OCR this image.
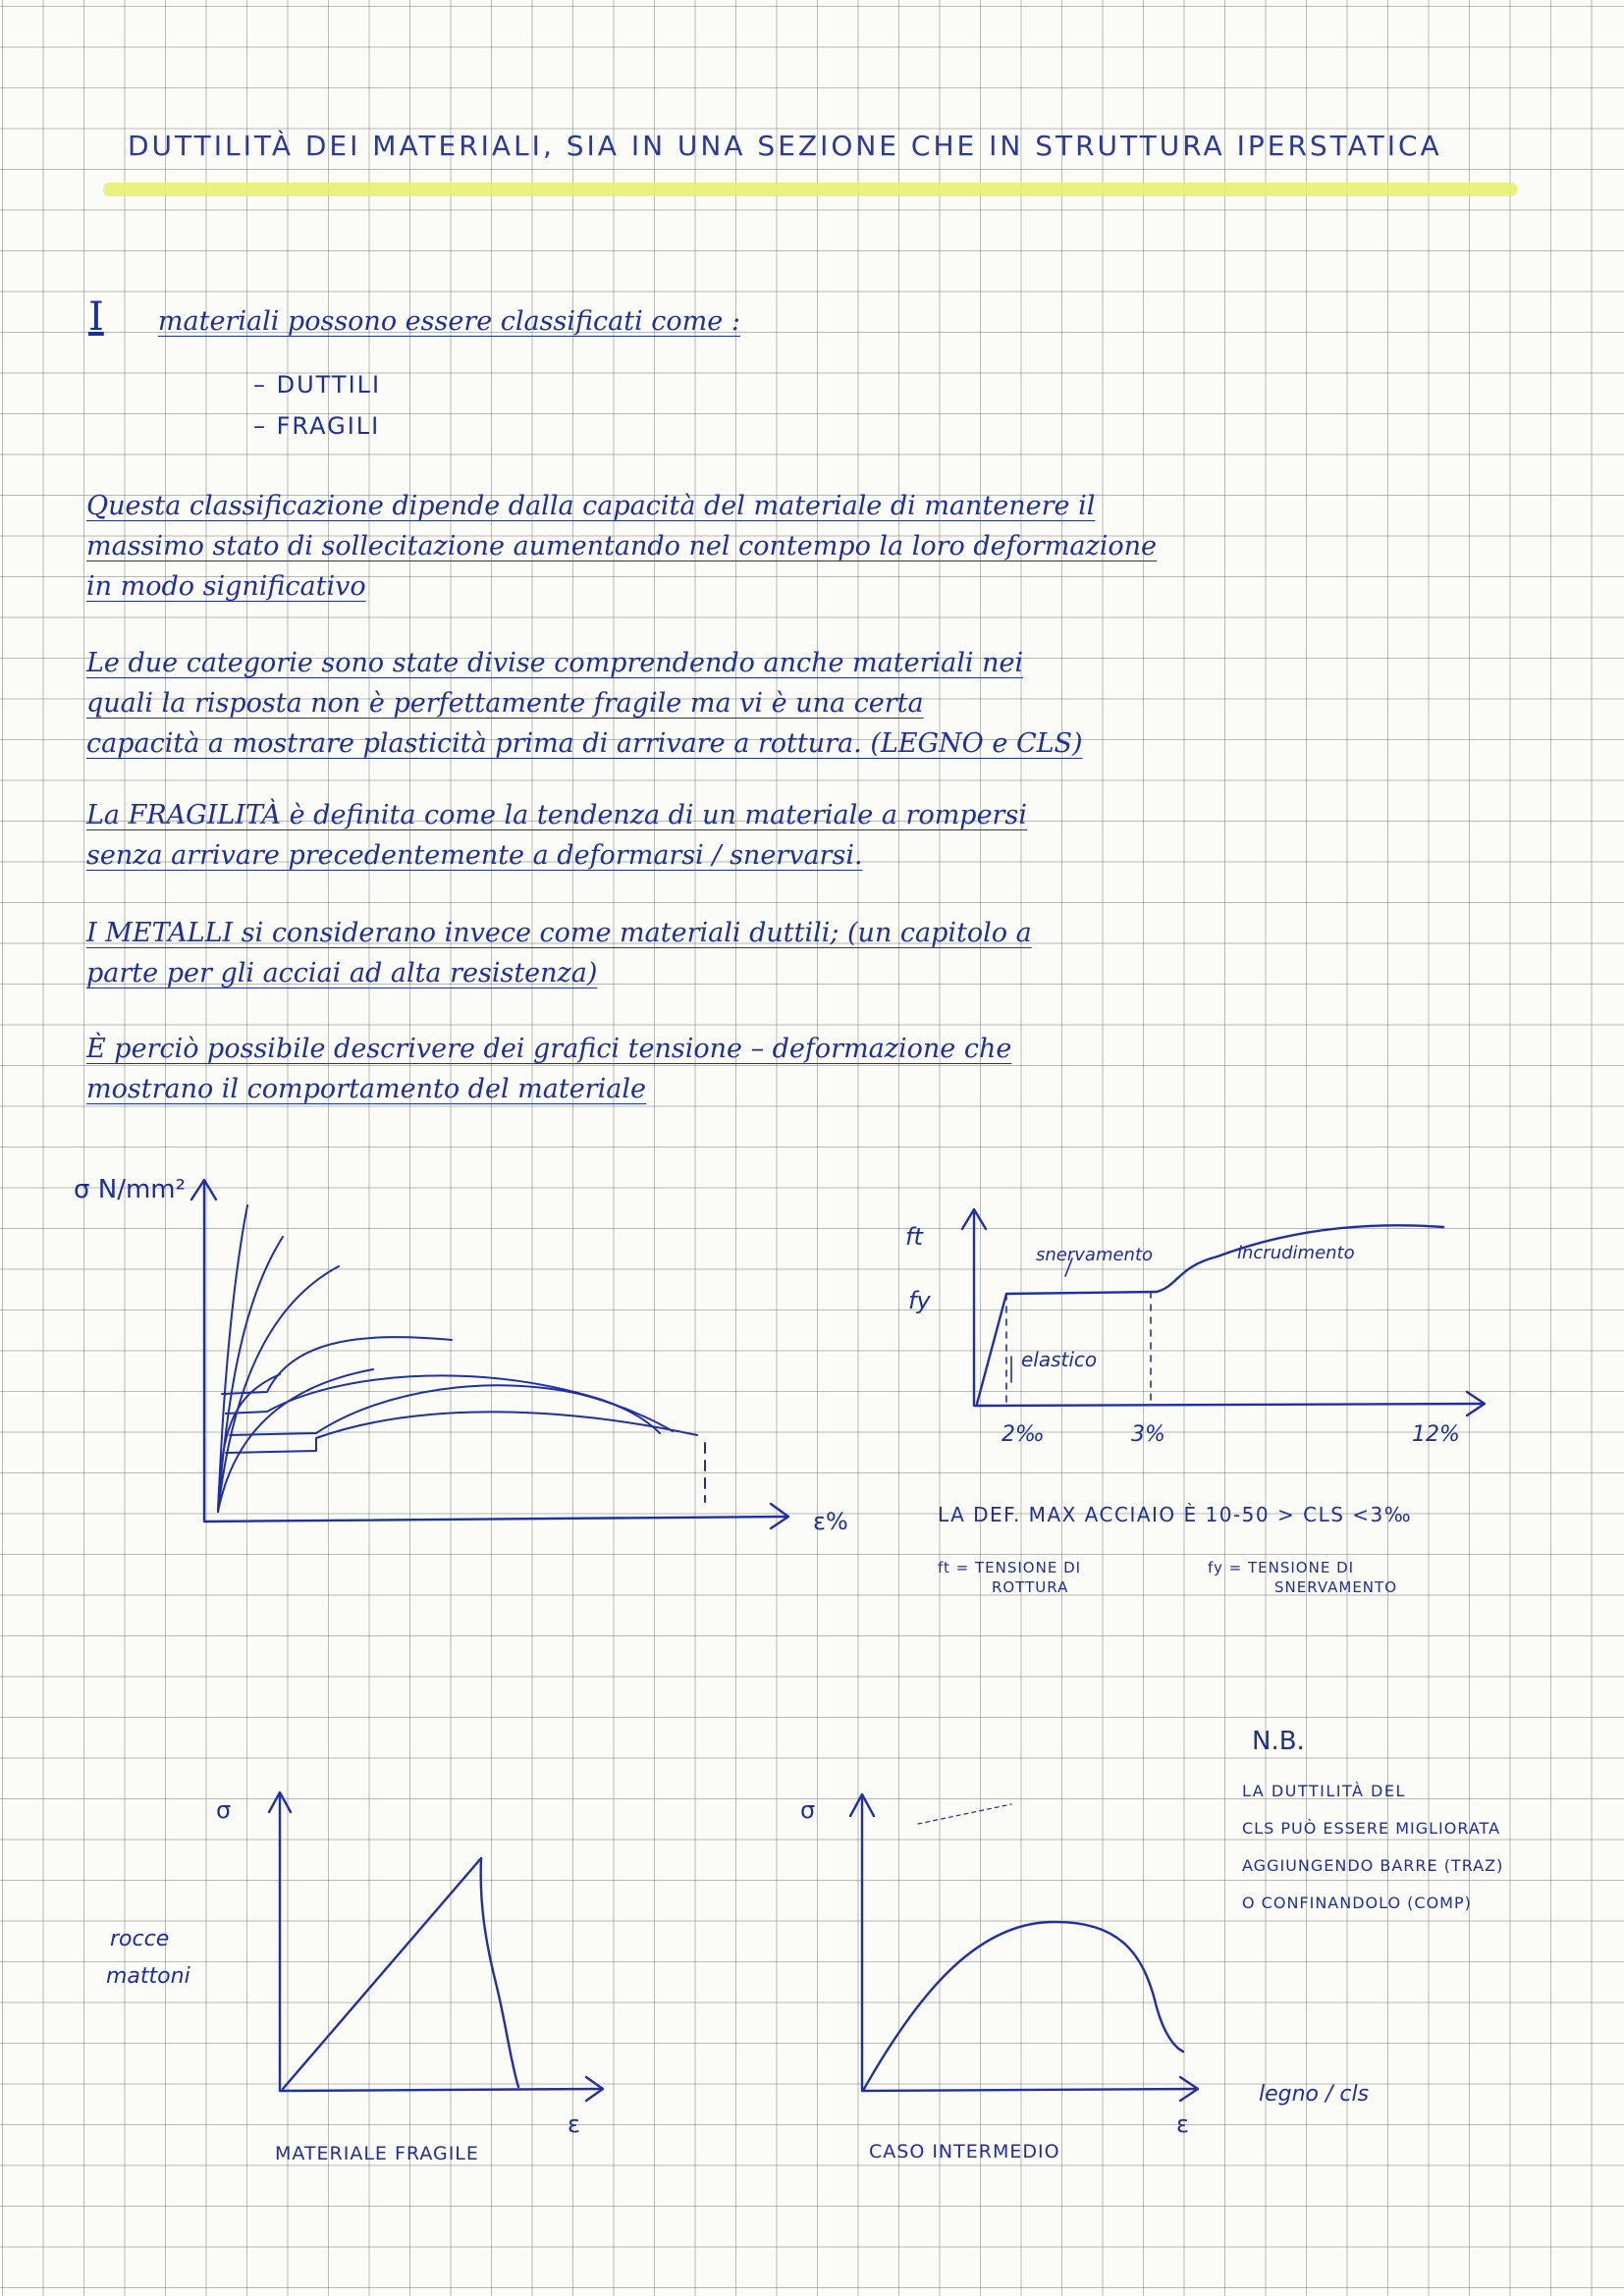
DUTTILITÀ DEI MATERIALI, SIA IN UNA SEZIONE CHE IN STRUTTURA IPERSTATICA
I materiali possono essere classificati come :
– DUTTILI
– FRAGILI
Questa classificazione dipende dalla capacità del materiale di mantenere il
massimo stato di sollecitazione aumentando nel contempo la loro deformazione
in modo significativo
Le due categorie sono state divise comprendendo anche materiali nei
quali la risposta non è perfettamente fragile ma vi è una certa
capacità a mostrare plasticità prima di arrivare a rottura. (LEGNO e CLS)
La FRAGILITÀ è definita come la tendenza di un materiale a rompersi
senza arrivare precedentemente a deformarsi / snervarsi.
I METALLI si considerano invece come materiali duttili; (un capitolo a
parte per gli acciai ad alta resistenza)
È perciò possibile descrivere dei grafici tensione – deformazione che
mostrano il comportamento del materiale
σ N/mm²
ε%
ft
fy
2‰	3%	12%
snervamento	incrudimento
elastico
LA DEF. MAX ACCIAIO È 10-50 > CLS <3‰
ft = TENSIONE DI
ROTTURA
fy = TENSIONE DI
SNERVAMENTO
N.B.
LA DUTTILITÀ DEL
CLS PUÒ ESSERE MIGLIORATA
AGGIUNGENDO BARRE (TRAZ)
O CONFINANDOLO (COMP)
σ
ε
rocce
mattoni
MATERIALE FRAGILE
σ
ε
legno / cls
CASO INTERMEDIO
